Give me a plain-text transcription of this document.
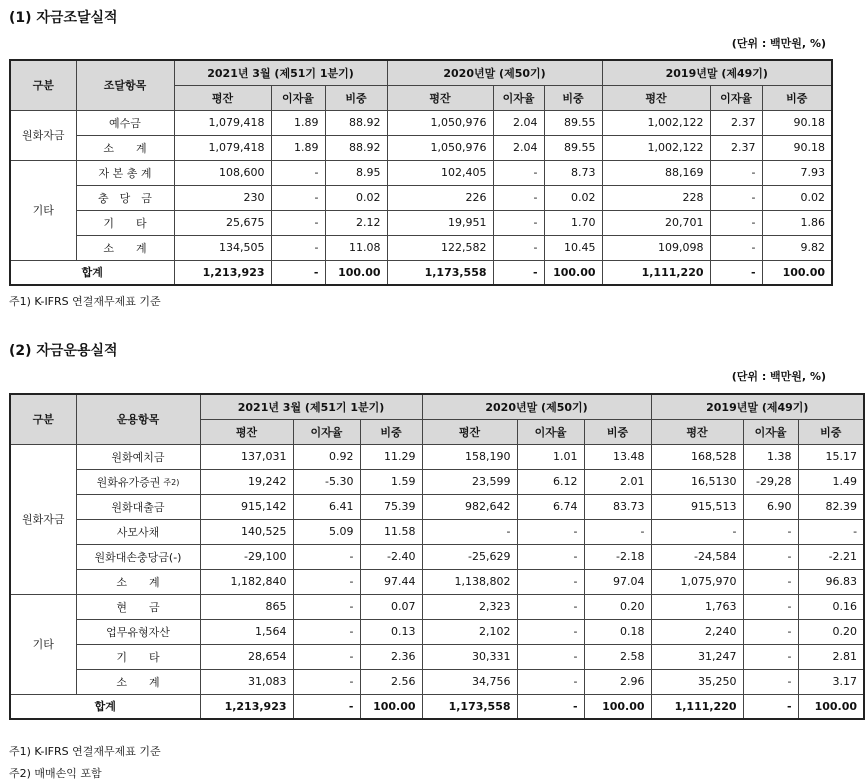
(1) 자금조달실적
(단위 : 백만원, %)
구분	조달항목	2021년 3월 (제51기 1분기)			2020년말 (제50기)			2019년말 (제49기)		
		평잔	이자율	비중	평잔	이자율	비중	평잔	이자율	비중
원화자금	예수금	1,079,418	1.89	88.92	1,050,976	2.04	89.55	1,002,122	2.37	90.18
	소　　계	1,079,418	1.89	88.92	1,050,976	2.04	89.55	1,002,122	2.37	90.18
기타	자 본 총 계	108,600	-	8.95	102,405	-	8.73	88,169	-	7.93
	충　당　금	230	-	0.02	226	-	0.02	228	-	0.02
	기　　타	25,675	-	2.12	19,951	-	1.70	20,701	-	1.86
	소　　계	134,505	-	11.08	122,582	-	10.45	109,098	-	9.82
합계		1,213,923	-	100.00	1,173,558	-	100.00	1,111,220	-	100.00
주1) K-IFRS 연결재무제표 기준
(2) 자금운용실적
(단위 : 백만원, %)
구분	운용항목	2021년 3월 (제51기 1분기)			2020년말 (제50기)			2019년말 (제49기)		
		평잔	이자율	비중	평잔	이자율	비중	평잔	이자율	비중
원화자금	원화예치금	137,031	0.92	11.29	158,190	1.01	13.48	168,528	1.38	15.17
	원화유가증권 주2)	19,242	-5.30	1.59	23,599	6.12	2.01	16,5130	-29,28	1.49
	원화대출금	915,142	6.41	75.39	982,642	6.74	83.73	915,513	6.90	82.39
	사모사채	140,525	5.09	11.58	-	-	-	-	-	-
	원화대손충당금(-)	-29,100	-	-2.40	-25,629	-	-2.18	-24,584	-	-2.21
	소　　계	1,182,840	-	97.44	1,138,802	-	97.04	1,075,970	-	96.83
기타	현　　금	865	-	0.07	2,323	-	0.20	1,763	-	0.16
	업무유형자산	1,564	-	0.13	2,102	-	0.18	2,240	-	0.20
	기　　타	28,654	-	2.36	30,331	-	2.58	31,247	-	2.81
	소　　계	31,083	-	2.56	34,756	-	2.96	35,250	-	3.17
합계		1,213,923	-	100.00	1,173,558	-	100.00	1,111,220	-	100.00
주1) K-IFRS 연결재무제표 기준
주2) 매매손익 포함
